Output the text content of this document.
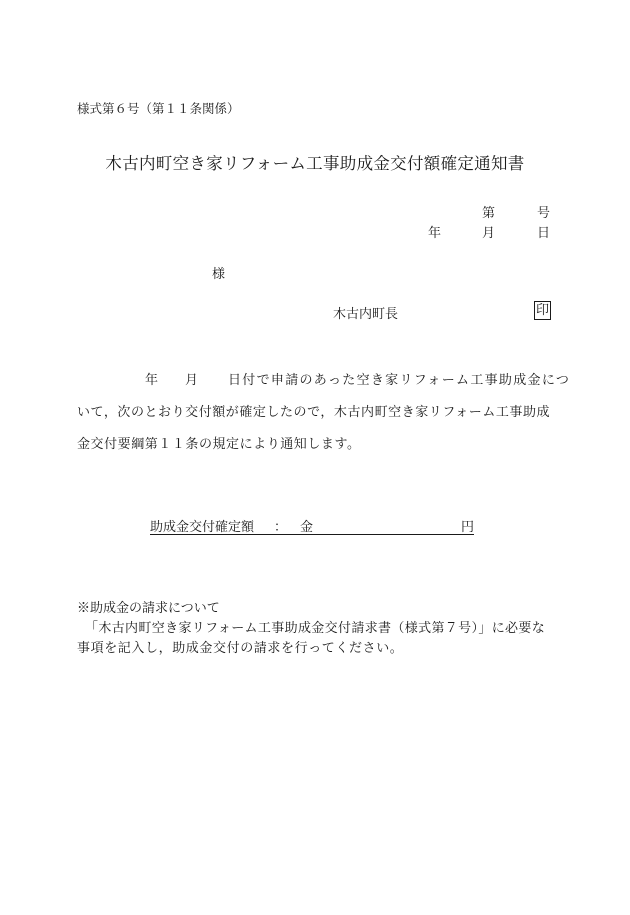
様式第６号（第１１条関係）
木古内町空き家リフォーム工事助成金交付額確定通知書
第	号
年	月	日
様
木古内町長	印
年 月 日付で申請のあった空き家リフォーム工事助成金につ
いて，次のとおり交付額が確定したので，木古内町空き家リフォーム工事助成
金交付要綱第１１条の規定により通知します。
助成金交付確定額 ： 金	円
※助成金の請求について
「木古内町空き家リフォーム工事助成金交付請求書（様式第７号）」に必要な
事項を記入し，助成金交付の請求を行ってください。
